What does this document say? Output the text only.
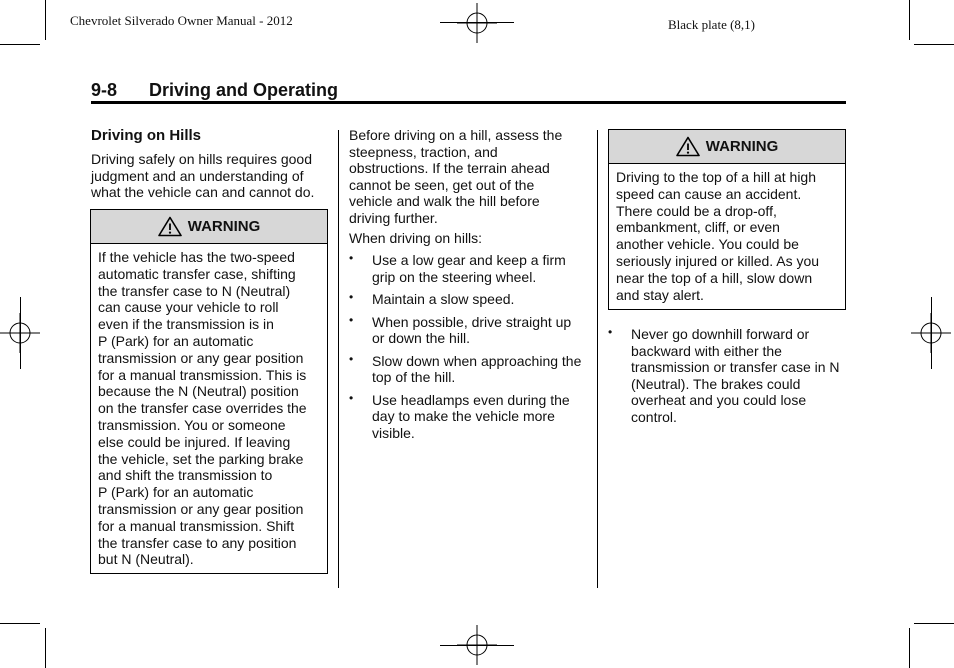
Chevrolet Silverado Owner Manual - 2012	Black plate (8,1)
9-8 Driving and Operating
Driving on Hills
Driving safely on hills requires good judgment and an understanding of what the vehicle can and cannot do.
WARNING
If the vehicle has the two-speed
automatic transfer case, shifting
the transfer case to N (Neutral)
can cause your vehicle to roll
even if the transmission is in
P (Park) for an automatic
transmission or any gear position
for a manual transmission. This is
because the N (Neutral) position
on the transfer case overrides the
transmission. You or someone
else could be injured. If leaving
the vehicle, set the parking brake
and shift the transmission to
P (Park) for an automatic
transmission or any gear position
for a manual transmission. Shift
the transfer case to any position
but N (Neutral).
Before driving on a hill, assess the steepness, traction, and obstructions. If the terrain ahead cannot be seen, get out of the vehicle and walk the hill before driving further.
When driving on hills:
• Use a low gear and keep a firm grip on the steering wheel.
• Maintain a slow speed.
• When possible, drive straight up or down the hill.
• Slow down when approaching the top of the hill.
• Use headlamps even during the day to make the vehicle more visible.
WARNING
Driving to the top of a hill at high
speed can cause an accident.
There could be a drop-off,
embankment, cliff, or even
another vehicle. You could be
seriously injured or killed. As you
near the top of a hill, slow down
and stay alert.
• Never go downhill forward or backward with either the transmission or transfer case in N (Neutral). The brakes could overheat and you could lose control.
